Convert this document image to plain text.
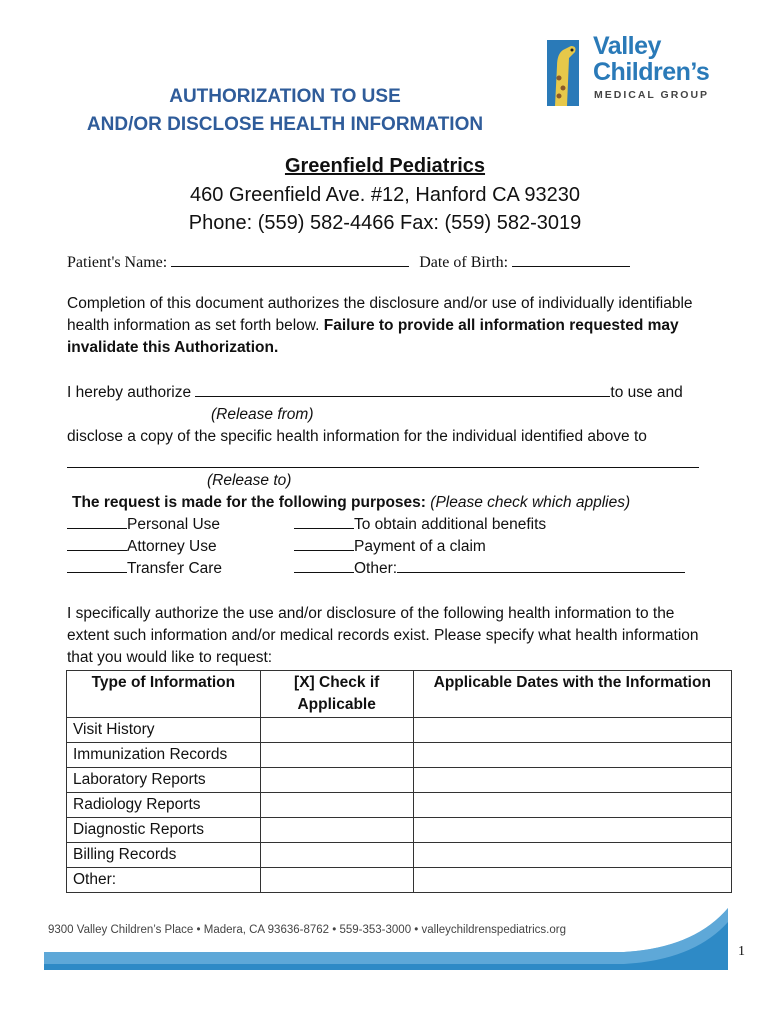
Valley
Children’s
MEDICAL GROUP
AUTHORIZATION TO USE
AND/OR DISCLOSE HEALTH INFORMATION
Greenfield Pediatrics
460 Greenfield Ave. #12, Hanford CA 93230
Phone: (559) 582-4466 Fax: (559) 582-3019
Patient's Name:	Date of Birth:
Completion of this document authorizes the disclosure and/or use of individually identifiable health information as set forth below. Failure to provide all information requested may invalidate this Authorization.
I hereby authorize	to use and
(Release from)
disclose a copy of the specific health information for the individual identified above to
(Release to)
The request is made for the following purposes: (Please check which applies)
Personal Use
Attorney Use
Transfer Care
To obtain additional benefits
Payment of a claim
Other:
I specifically authorize the use and/or disclosure of the following health information to the extent such information and/or medical records exist. Please specify what health information that you would like to request:
Type of Information	[X] Check if Applicable	Applicable Dates with the Information
Visit History		
Immunization Records		
Laboratory Reports		
Radiology Reports		
Diagnostic Reports		
Billing Records		
Other:		
9300 Valley Children’s Place • Madera, CA 93636-8762 • 559-353-3000 • valleychildrenspediatrics.org
1
